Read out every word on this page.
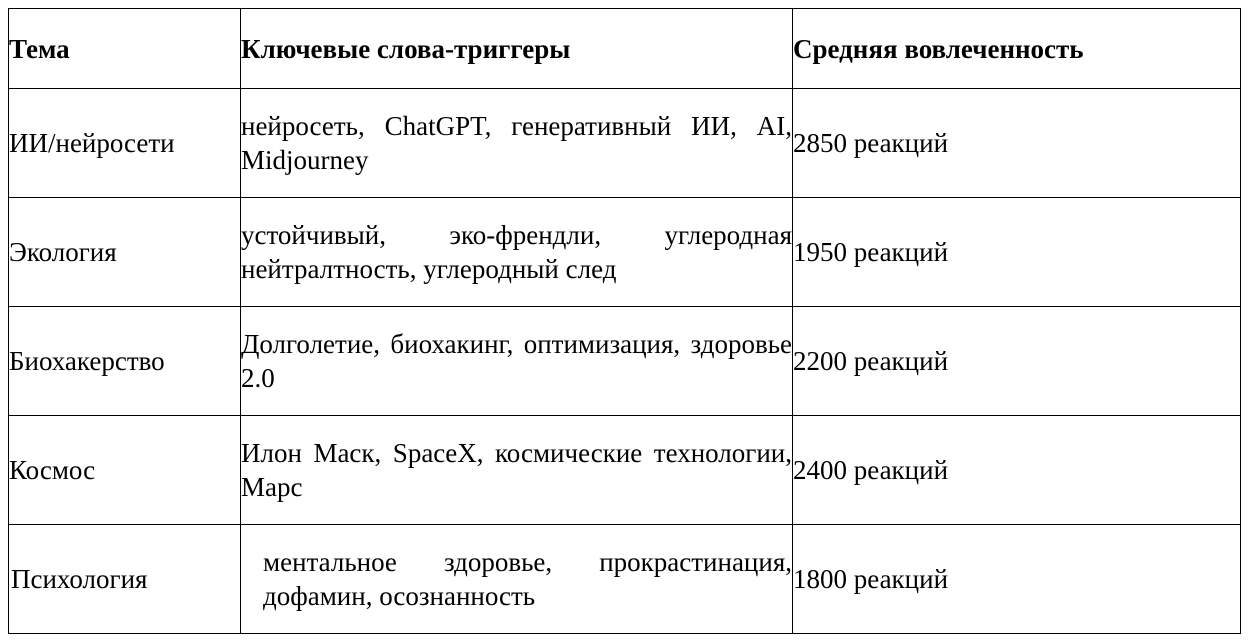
Тема	Ключевые слова-триггеры	Средняя вовлеченность
ИИ/нейросети	нейросеть, ChatGPT, генеративный ИИ, AI, Midjourney	2850 реакций
Экология	устойчивый, эко-френдли, углеродная нейтралтность, углеродный след	1950 реакций
Биохакерство	Долголетие, биохакинг, оптимизация, здоровье 2.0	2200 реакций
Космос	Илон Маск, SpaceX, космические технологии, Марс	2400 реакций
Психология	ментальное здоровье, прокрастинация, дофамин, осознанность	1800 реакций
